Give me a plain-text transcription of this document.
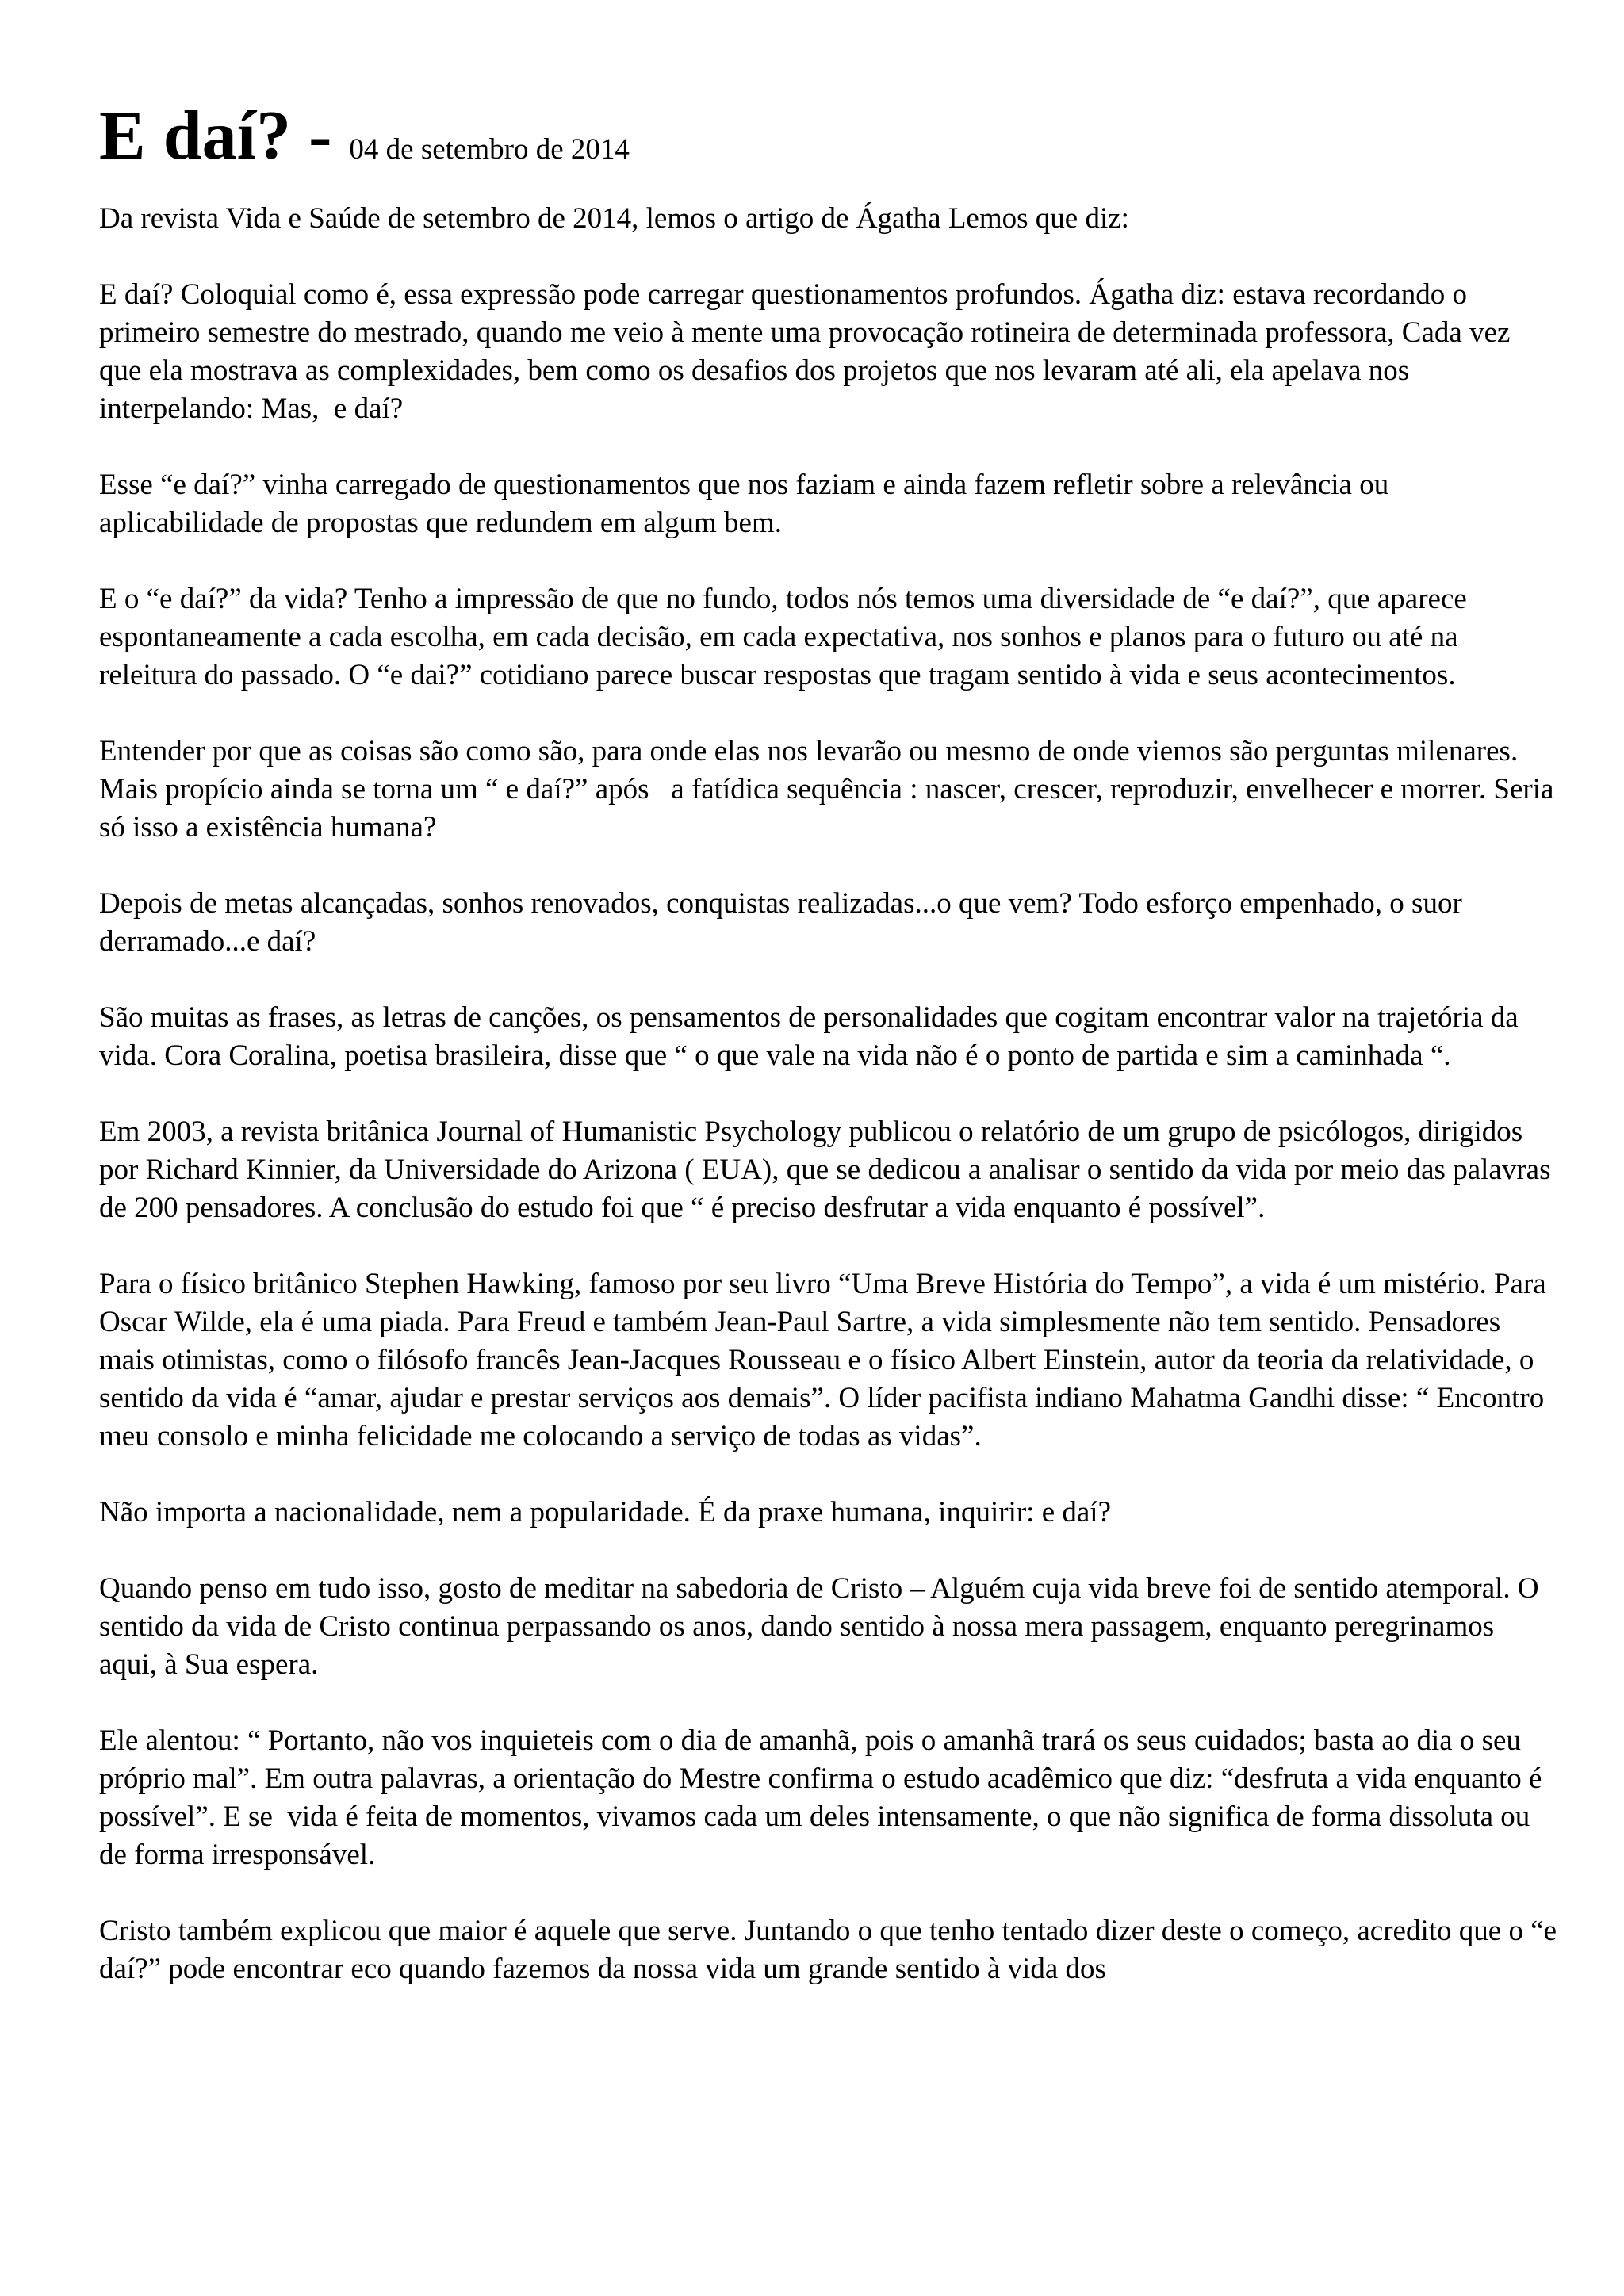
E daí? - 04 de setembro de 2014

Da revista Vida e Saúde de setembro de 2014, lemos o artigo de Ágatha Lemos que diz:

E daí? Coloquial como é, essa expressão pode carregar questionamentos profundos. Ágatha diz: estava recordando o primeiro semestre do mestrado, quando me veio à mente uma provocação rotineira de determinada professora, Cada vez que ela mostrava as complexidades, bem como os desafios dos projetos que nos levaram até ali, ela apelava nos interpelando: Mas,  e daí?

Esse “e daí?” vinha carregado de questionamentos que nos faziam e ainda fazem refletir sobre a relevância ou aplicabilidade de propostas que redundem em algum bem.

E o “e daí?” da vida? Tenho a impressão de que no fundo, todos nós temos uma diversidade de “e daí?”, que aparece espontaneamente a cada escolha, em cada decisão, em cada expectativa, nos sonhos e planos para o futuro ou até na releitura do passado. O “e dai?” cotidiano parece buscar respostas que tragam sentido à vida e seus acontecimentos.

Entender por que as coisas são como são, para onde elas nos levarão ou mesmo de onde viemos são perguntas milenares. Mais propício ainda se torna um “ e daí?” após   a fatídica sequência : nascer, crescer, reproduzir, envelhecer e morrer. Seria só isso a existência humana?

Depois de metas alcançadas, sonhos renovados, conquistas realizadas...o que vem? Todo esforço empenhado, o suor derramado...e daí?

São muitas as frases, as letras de canções, os pensamentos de personalidades que cogitam encontrar valor na trajetória da vida. Cora Coralina, poetisa brasileira, disse que “ o que vale na vida não é o ponto de partida e sim a caminhada “.

Em 2003, a revista britânica Journal of Humanistic Psychology publicou o relatório de um grupo de psicólogos, dirigidos por Richard Kinnier, da Universidade do Arizona ( EUA), que se dedicou a analisar o sentido da vida por meio das palavras de 200 pensadores. A conclusão do estudo foi que “ é preciso desfrutar a vida enquanto é possível”.

Para o físico britânico Stephen Hawking, famoso por seu livro “Uma Breve História do Tempo”, a vida é um mistério. Para Oscar Wilde, ela é uma piada. Para Freud e também Jean-Paul Sartre, a vida simplesmente não tem sentido. Pensadores mais otimistas, como o filósofo francês Jean-Jacques Rousseau e o físico Albert Einstein, autor da teoria da relatividade, o sentido da vida é “amar, ajudar e prestar serviços aos demais”. O líder pacifista indiano Mahatma Gandhi disse: “ Encontro meu consolo e minha felicidade me colocando a serviço de todas as vidas”.

Não importa a nacionalidade, nem a popularidade. É da praxe humana, inquirir: e daí?

Quando penso em tudo isso, gosto de meditar na sabedoria de Cristo – Alguém cuja vida breve foi de sentido atemporal. O sentido da vida de Cristo continua perpassando os anos, dando sentido à nossa mera passagem, enquanto peregrinamos aqui, à Sua espera.

Ele alentou: “ Portanto, não vos inquieteis com o dia de amanhã, pois o amanhã trará os seus cuidados; basta ao dia o seu próprio mal”. Em outra palavras, a orientação do Mestre confirma o estudo acadêmico que diz: “desfruta a vida enquanto é possível”. E se  vida é feita de momentos, vivamos cada um deles intensamente, o que não significa de forma dissoluta ou de forma irresponsável.

Cristo também explicou que maior é aquele que serve. Juntando o que tenho tentado dizer deste o começo, acredito que o “e daí?” pode encontrar eco quando fazemos da nossa vida um grande sentido à vida dos
